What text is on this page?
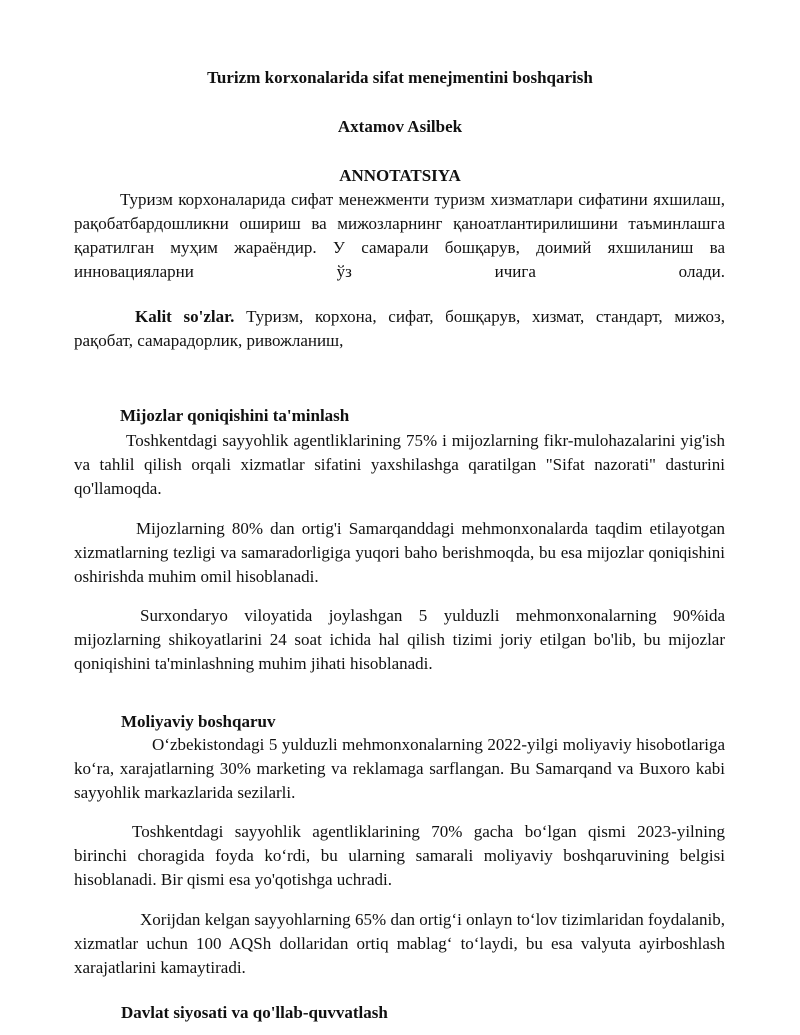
Turizm korxonalarida sifat menejmentini boshqarish

Axtamov Asilbek

ANNOTATSIYA

Туризм корхоналарида сифат менежменти туризм хизматлари сифатини яхшилаш, рақобатбардошликни ошириш ва мижозларнинг қаноатлантирилишини таъминлашга қаратилган муҳим жараёндир. У самарали бошқарув, доимий яхшиланиш ва инновацияларни ўз ичига олади.

Kalit so'zlar. Туризм, корхона, сифат, бошқарув, хизмат, стандарт, мижоз, рақобат, самарадорлик, ривожланиш,

Mijozlar qoniqishini ta'minlash

Toshkentdagi sayyohlik agentliklarining 75% i mijozlarning fikr-mulohazalarini yig'ish va tahlil qilish orqali xizmatlar sifatini yaxshilashga qaratilgan "Sifat nazorati" dasturini qo'llamoqda.

Mijozlarning 80% dan ortig'i Samarqanddagi mehmonxonalarda taqdim etilayotgan xizmatlarning tezligi va samaradorligiga yuqori baho berishmoqda, bu esa mijozlar qoniqishini oshirishda muhim omil hisoblanadi.

Surxondaryo viloyatida joylashgan 5 yulduzli mehmonxonalarning 90%ida mijozlarning shikoyatlarini 24 soat ichida hal qilish tizimi joriy etilgan bo'lib, bu mijozlar qoniqishini ta'minlashning muhim jihati hisoblanadi.

Moliyaviy boshqaruv

O‘zbekistondagi 5 yulduzli mehmonxonalarning 2022-yilgi moliyaviy hisobotlariga ko‘ra, xarajatlarning 30% marketing va reklamaga sarflangan. Bu Samarqand va Buxoro kabi sayyohlik markazlarida sezilarli.

Toshkentdagi sayyohlik agentliklarining 70% gacha bo‘lgan qismi 2023-yilning birinchi choragida foyda ko‘rdi, bu ularning samarali moliyaviy boshqaruvining belgisi hisoblanadi. Bir qismi esa yo'qotishga uchradi.

Xorijdan kelgan sayyohlarning 65% dan ortig‘i onlayn to‘lov tizimlaridan foydalanib, xizmatlar uchun 100 AQSh dollaridan ortiq mablag‘ to‘laydi, bu esa valyuta ayirboshlash xarajatlarini kamaytiradi.

Davlat siyosati va qo'llab-quvvatlash
